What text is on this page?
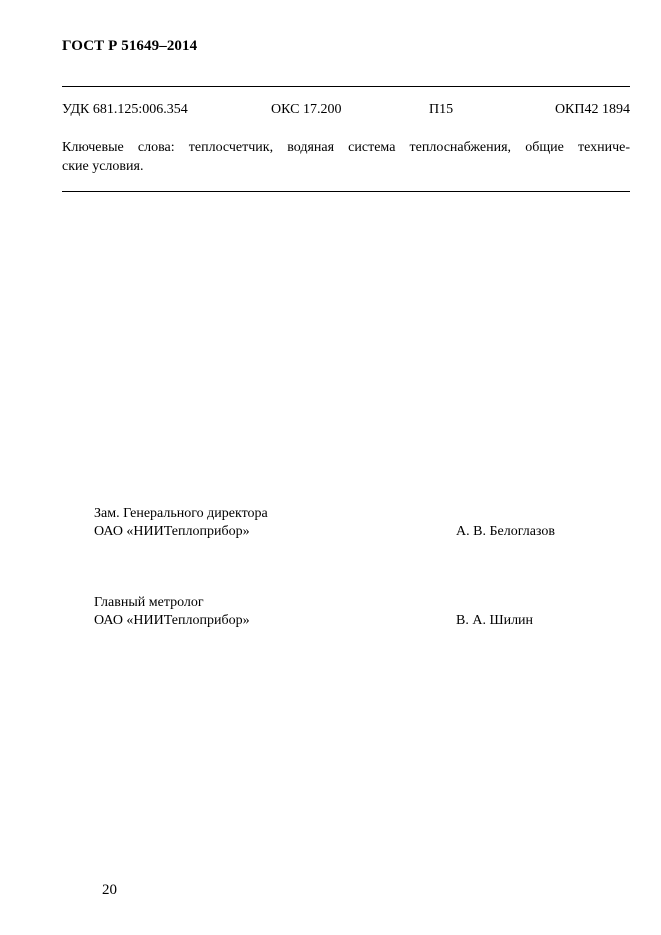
ГОСТ Р 51649–2014
УДК 681.125:006.354	ОКС 17.200	П15	ОКП42 1894
Ключевые слова: теплосчетчик, водяная система теплоснабжения, общие техниче-
ские условия.
Зам. Генерального директора
ОАО «НИИТеплоприбор»	А. В. Белоглазов
Главный метролог
ОАО «НИИТеплоприбор»	В. А. Шилин
20
